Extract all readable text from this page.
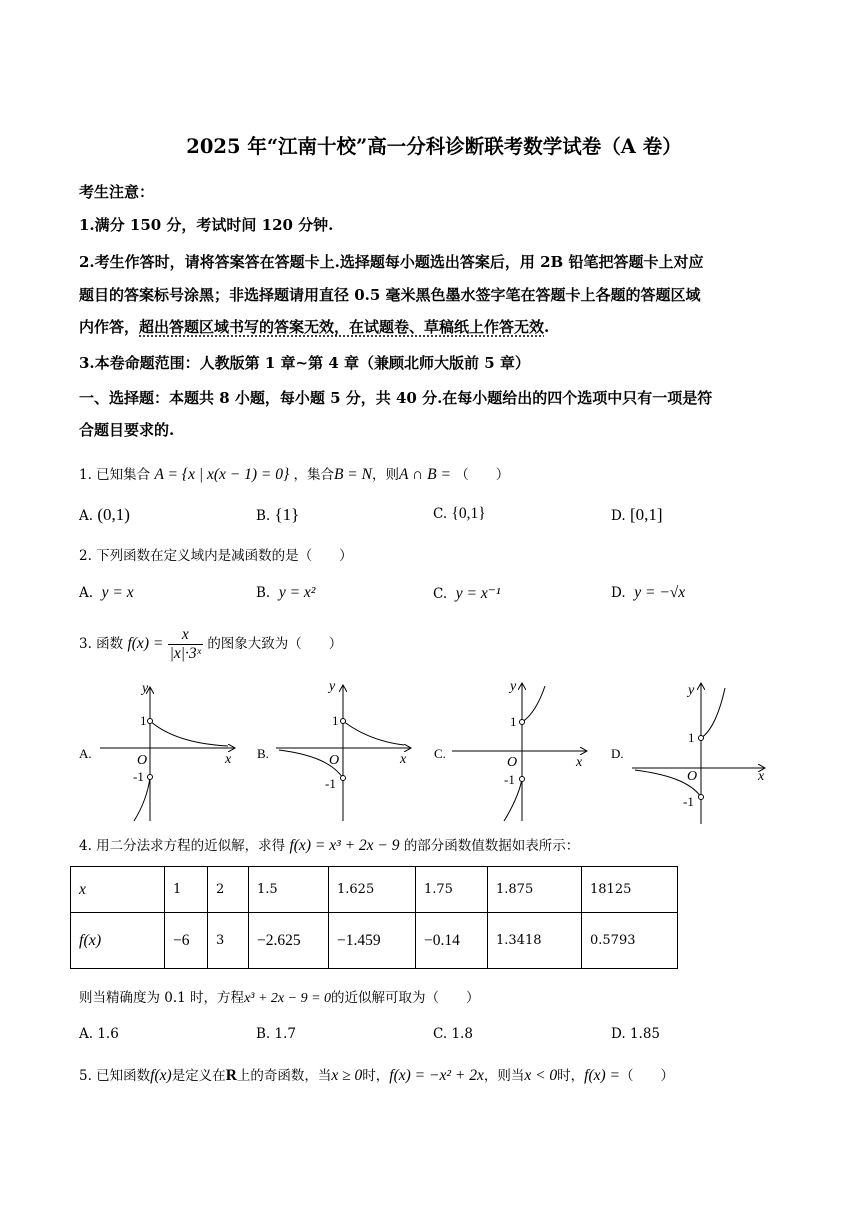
2025 年“江南十校”高一分科诊断联考数学试卷（A 卷）
考生注意：
1.满分 150 分，考试时间 120 分钟.
2.考生作答时，请将答案答在答题卡上.选择题每小题选出答案后，用 2B 铅笔把答题卡上对应
题目的答案标号涂黑；非选择题请用直径 0.5 毫米黑色墨水签字笔在答题卡上各题的答题区域
内作答，超出答题区域书写的答案无效，在试题卷、草稿纸上作答无效.
3.本卷命题范围：人教版第 1 章~第 4 章（兼顾北师大版前 5 章）
一、选择题：本题共 8 小题，每小题 5 分，共 40 分.在每小题给出的四个选项中只有一项是符
合题目要求的.
1. 已知集合 A = {x | x(x − 1) = 0} ，集合B = N，则A ∩ B = （　　）
A. (0,1)	B. {1}	C. {0,1}	D. [0,1]
2. 下列函数在定义域内是减函数的是（　　）
A. y = x	B. y = x²	C. y = x⁻¹	D. y = −√x
3. 函数 $f(x) = \frac{x}{\text{|x|·3ˣ}}$ 的图象大致为（　　）
A.
y
x
O
1
-1
B.
y
x
O
1
-1
C.
y
x
O
1
-1
D.
y
x
O
1
-1
4. 用二分法求方程的近似解，求得 f(x) = x³ + 2x − 9 的部分函数值数据如表所示：
x	1	2	1.5	1.625	1.75	1.875	18125
f(x)	−6	3	−2.625	−1.459	−0.14	1.3418	0.5793
则当精确度为 0.1 时，方程x³ + 2x − 9 = 0的近似解可取为（　　）
A. 1.6	B. 1.7	C. 1.8	D. 1.85
5. 已知函数f(x)是定义在R上的奇函数，当x ≥ 0时，f(x) = −x² + 2x，则当x < 0时，f(x) =（　　）
